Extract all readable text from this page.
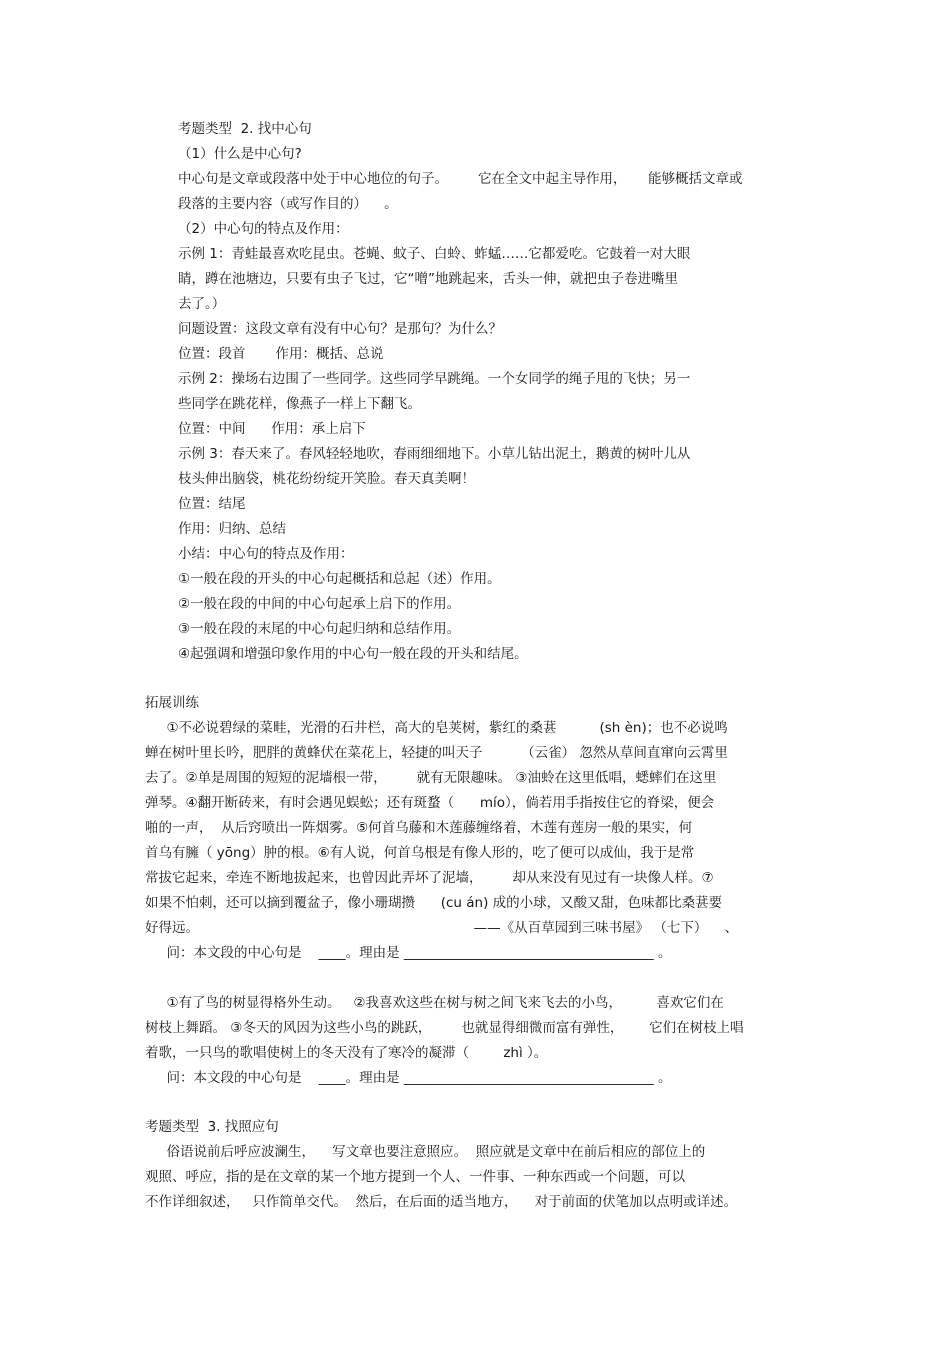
考题类型  2. 找中心句
（1）什么是中心句?
中心句是文章或段落中处于中心地位的句子。       它在全文中起主导作用，     能够概括文章或
段落的主要内容（或写作目的）    。
（2）中心句的特点及作用：
示例 1：青蛙最喜欢吃昆虫。苍蝇、蚊子、白蛉、蚱蜢……它都爱吃。它鼓着一对大眼
睛，蹲在池塘边，只要有虫子飞过，它“噌”地跳起来，舌头一伸，就把虫子卷进嘴里
去了。）
问题设置：这段文章有没有中心句？是那句？为什么？
位置：段首       作用：概括、总说
示例 2：操场右边围了一些同学。这些同学早跳绳。一个女同学的绳子甩的飞快；另一
些同学在跳花样，像燕子一样上下翻飞。
位置：中间      作用：承上启下
示例 3：春天来了。春风轻轻地吹，春雨细细地下。小草儿钻出泥土，鹅黄的树叶儿从
枝头伸出脑袋，桃花纷纷绽开笑脸。春天真美啊！
位置：结尾
作用：归纳、总结
小结：中心句的特点及作用：
①一般在段的开头的中心句起概括和总起（述）作用。
②一般在段的中间的中心句起承上启下的作用。
③一般在段的末尾的中心句起归纳和总结作用。
④起强调和增强印象作用的中心句一般在段的开头和结尾。
拓展训练
①不必说碧绿的菜畦，光滑的石井栏，高大的皂荚树，紫红的桑葚          (sh èn)；也不必说鸣
蝉在树叶里长吟，肥胖的黄蜂伏在菜花上，轻捷的叫天子         （云雀） 忽然从草间直窜向云霄里
去了。②单是周围的短短的泥墙根一带，       就有无限趣味。 ③油蛉在这里低唱，蟋蟀们在这里
弹琴。④翻开断砖来，有时会遇见蜈蚣；还有斑蝥（      mío），倘若用手指按住它的脊梁，便会
啪的一声，  从后窍喷出一阵烟雾。⑤何首乌藤和木莲藤缠络着，木莲有莲房一般的果实，何
首乌有臃（ yōng）肿的根。⑥有人说，何首乌根是有像人形的，吃了便可以成仙，我于是常
常拔它起来，牵连不断地拔起来，也曾因此弄坏了泥墙，       却从来没有见过有一块像人样。⑦
如果不怕刺，还可以摘到覆盆子，像小珊瑚攒      (cu án) 成的小球，又酸又甜，色味都比桑葚要
好得远。                                                                ——《从百草园到三味书屋》 （七下）    、
问：本文段的中心句是    ____。理由是 _____________________________________ 。
①有了鸟的树显得格外生动。   ②我喜欢这些在树与树之间飞来飞去的小鸟，        喜欢它们在
树枝上舞蹈。 ③冬天的风因为这些小鸟的跳跃，       也就显得细微而富有弹性，      它们在树枝上唱
着歌，一只鸟的歌唱使树上的冬天没有了寒冷的凝滞（        zhì ）。
问：本文段的中心句是    ____。理由是 _____________________________________ 。
考题类型  3. 找照应句
俗语说前后呼应波澜生，    写文章也要注意照应。  照应就是文章中在前后相应的部位上的
观照、呼应，指的是在文章的某一个地方提到一个人、一件事、一种东西或一个问题，可以
不作详细叙述，   只作简单交代。  然后，在后面的适当地方，    对于前面的伏笔加以点明或详述。
